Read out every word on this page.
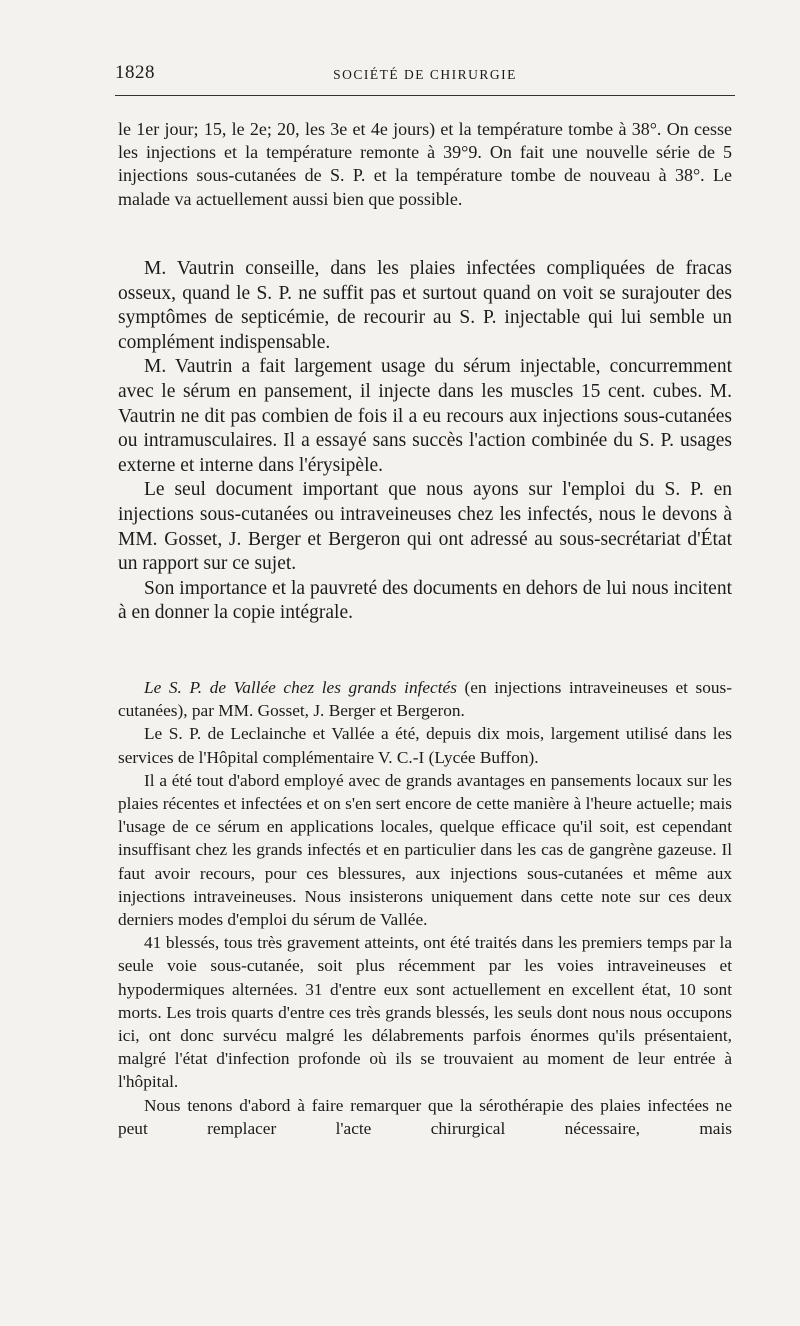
1828	SOCIÉTÉ DE CHIRURGIE

le 1er jour; 15, le 2e; 20, les 3e et 4e jours) et la température tombe à 38°. On cesse les injections et la température remonte à 39°9. On fait une nouvelle série de 5 injections sous-cutanées de S. P. et la température tombe de nouveau à 38°. Le malade va actuellement aussi bien que possible.

M. Vautrin conseille, dans les plaies infectées compliquées de fracas osseux, quand le S. P. ne suffit pas et surtout quand on voit se surajouter des symptômes de septicémie, de recourir au S. P. injectable qui lui semble un complément indispensable.

M. Vautrin a fait largement usage du sérum injectable, concurremment avec le sérum en pansement, il injecte dans les muscles 15 cent. cubes. M. Vautrin ne dit pas combien de fois il a eu recours aux injections sous-cutanées ou intramusculaires. Il a essayé sans succès l'action combinée du S. P. usages externe et interne dans l'érysipèle.

Le seul document important que nous ayons sur l'emploi du S. P. en injections sous-cutanées ou intraveineuses chez les infectés, nous le devons à MM. Gosset, J. Berger et Bergeron qui ont adressé au sous-secrétariat d'État un rapport sur ce sujet.

Son importance et la pauvreté des documents en dehors de lui nous incitent à en donner la copie intégrale.

Le S. P. de Vallée chez les grands infectés (en injections intraveineuses et sous-cutanées), par MM. Gosset, J. Berger et Bergeron.

Le S. P. de Leclainche et Vallée a été, depuis dix mois, largement utilisé dans les services de l'Hôpital complémentaire V. C.-I (Lycée Buffon).

Il a été tout d'abord employé avec de grands avantages en pansements locaux sur les plaies récentes et infectées et on s'en sert encore de cette manière à l'heure actuelle; mais l'usage de ce sérum en applications locales, quelque efficace qu'il soit, est cependant insuffisant chez les grands infectés et en particulier dans les cas de gangrène gazeuse. Il faut avoir recours, pour ces blessures, aux injections sous-cutanées et même aux injections intraveineuses. Nous insisterons uniquement dans cette note sur ces deux derniers modes d'emploi du sérum de Vallée.

41 blessés, tous très gravement atteints, ont été traités dans les premiers temps par la seule voie sous-cutanée, soit plus récemment par les voies intraveineuses et hypodermiques alternées. 31 d'entre eux sont actuellement en excellent état, 10 sont morts. Les trois quarts d'entre ces très grands blessés, les seuls dont nous nous occupons ici, ont donc survécu malgré les délabrements parfois énormes qu'ils présentaient, malgré l'état d'infection profonde où ils se trouvaient au moment de leur entrée à l'hôpital.

Nous tenons d'abord à faire remarquer que la sérothérapie des plaies infectées ne peut remplacer l'acte chirurgical nécessaire, mais
